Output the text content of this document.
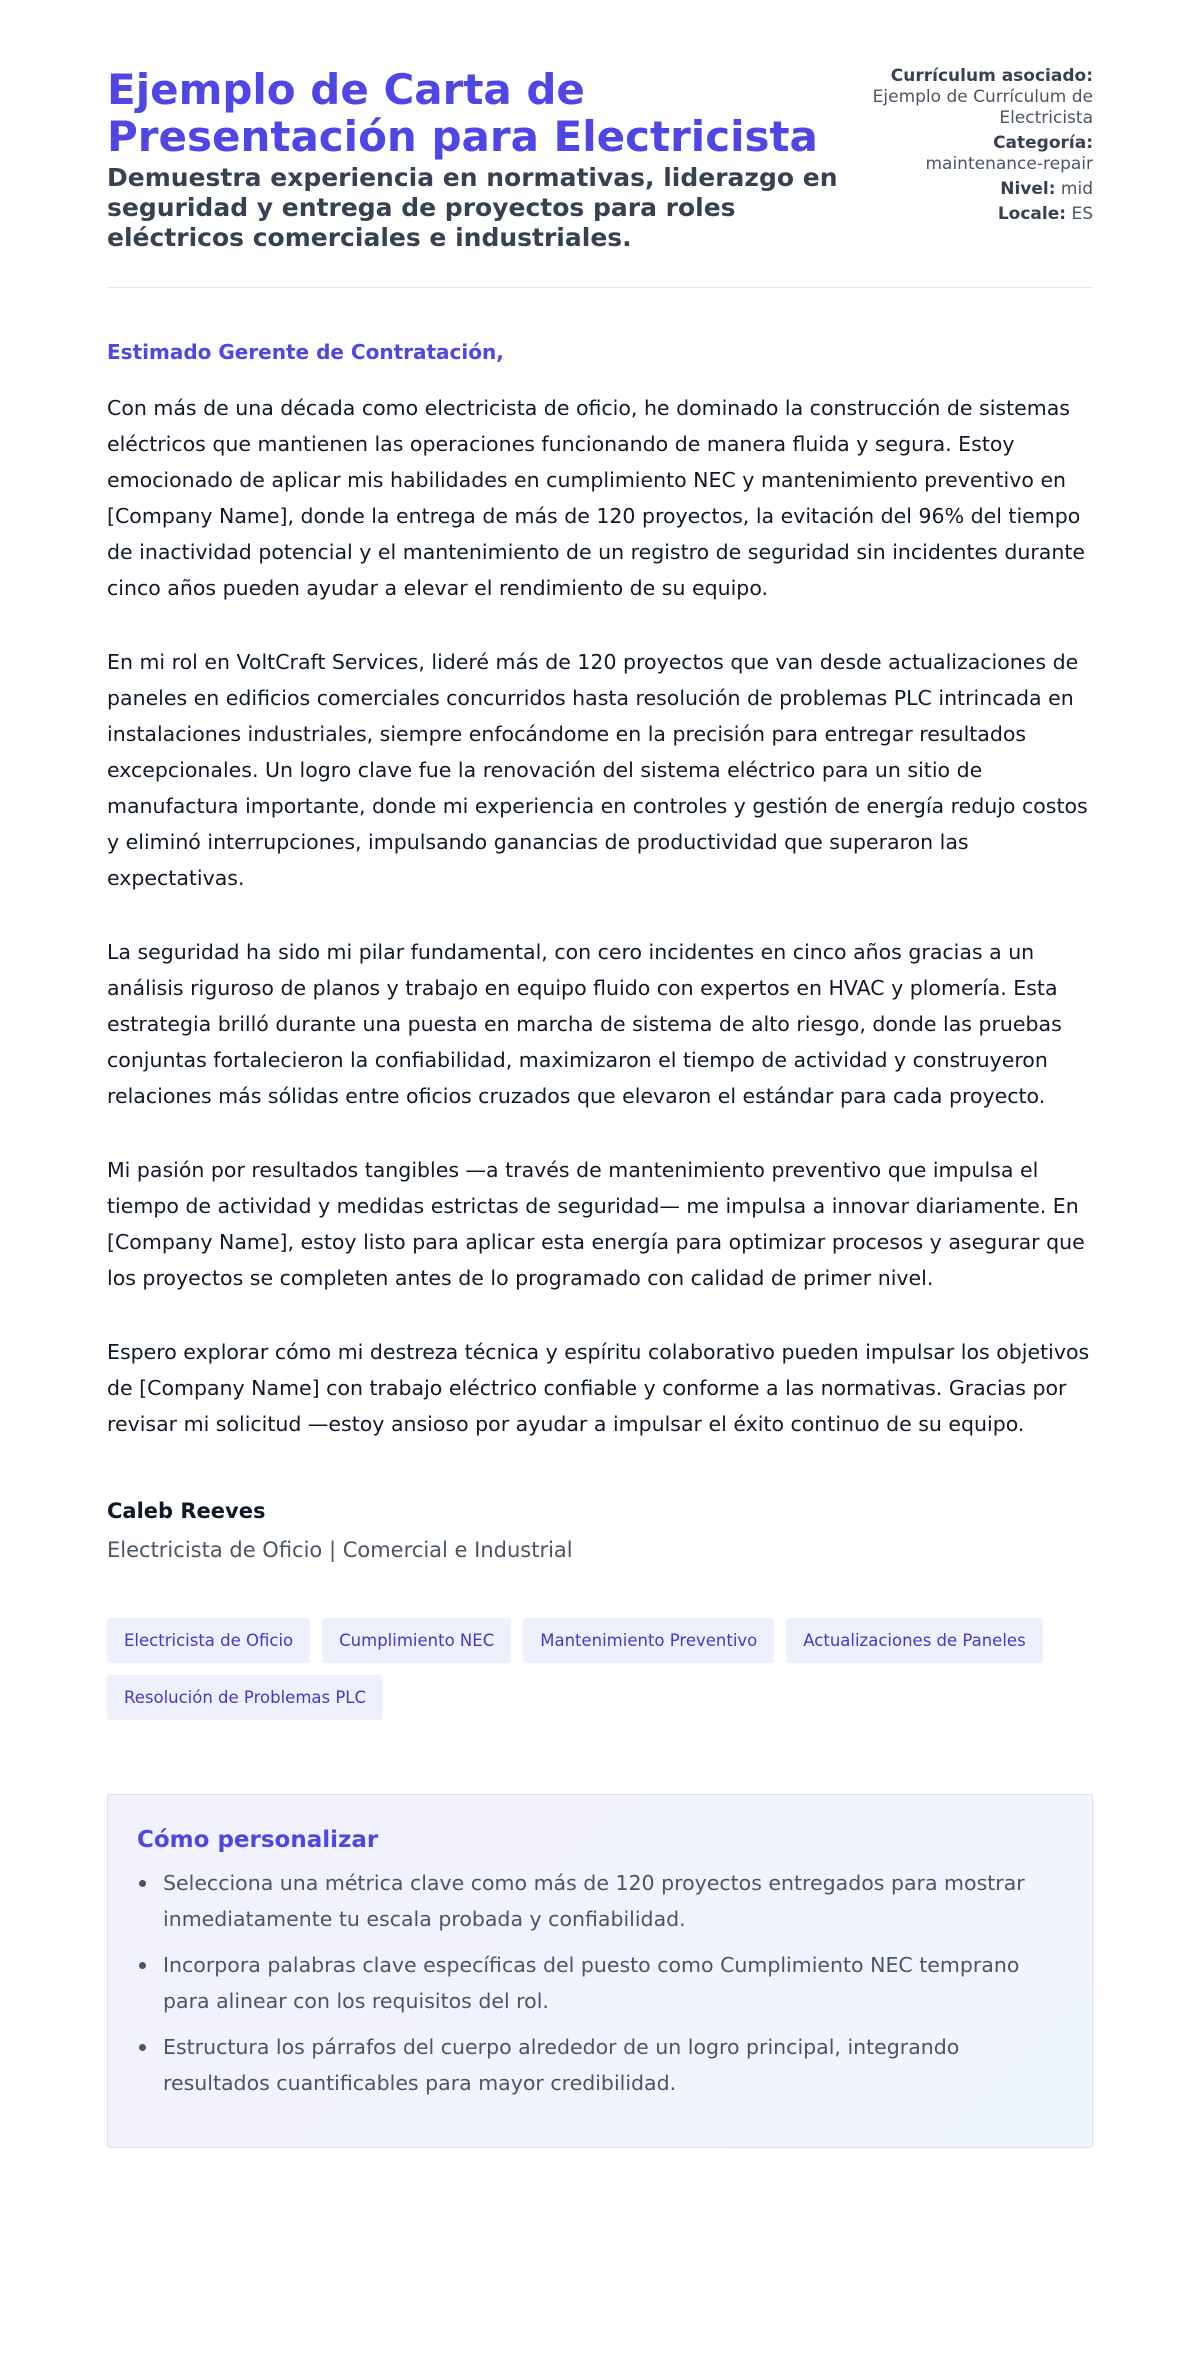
Ejemplo de Carta de Presentación para Electricista
Demuestra experiencia en normativas, liderazgo en seguridad y entrega de proyectos para roles eléctricos comerciales e industriales.
Currículum asociado:
Ejemplo de Currículum de Electricista
Categoría:
maintenance-repair
Nivel: mid
Locale: ES
Estimado Gerente de Contratación,

Con más de una década como electricista de oficio, he dominado la construcción de sistemas eléctricos que mantienen las operaciones funcionando de manera fluida y segura. Estoy emocionado de aplicar mis habilidades en cumplimiento NEC y mantenimiento preventivo en [Company Name], donde la entrega de más de 120 proyectos, la evitación del 96% del tiempo de inactividad potencial y el mantenimiento de un registro de seguridad sin incidentes durante cinco años pueden ayudar a elevar el rendimiento de su equipo.

En mi rol en VoltCraft Services, lideré más de 120 proyectos que van desde actualizaciones de paneles en edificios comerciales concurridos hasta resolución de problemas PLC intrincada en instalaciones industriales, siempre enfocándome en la precisión para entregar resultados excepcionales. Un logro clave fue la renovación del sistema eléctrico para un sitio de manufactura importante, donde mi experiencia en controles y gestión de energía redujo costos y eliminó interrupciones, impulsando ganancias de productividad que superaron las expectativas.

La seguridad ha sido mi pilar fundamental, con cero incidentes en cinco años gracias a un análisis riguroso de planos y trabajo en equipo fluido con expertos en HVAC y plomería. Esta estrategia brilló durante una puesta en marcha de sistema de alto riesgo, donde las pruebas conjuntas fortalecieron la confiabilidad, maximizaron el tiempo de actividad y construyeron relaciones más sólidas entre oficios cruzados que elevaron el estándar para cada proyecto.

Mi pasión por resultados tangibles —a través de mantenimiento preventivo que impulsa el tiempo de actividad y medidas estrictas de seguridad— me impulsa a innovar diariamente. En [Company Name], estoy listo para aplicar esta energía para optimizar procesos y asegurar que los proyectos se completen antes de lo programado con calidad de primer nivel.

Espero explorar cómo mi destreza técnica y espíritu colaborativo pueden impulsar los objetivos de [Company Name] con trabajo eléctrico confiable y conforme a las normativas. Gracias por revisar mi solicitud —estoy ansioso por ayudar a impulsar el éxito continuo de su equipo.

Caleb Reeves
Electricista de Oficio | Comercial e Industrial
Electricista de Oficio	Cumplimiento NEC	Mantenimiento Preventivo	Actualizaciones de Paneles
Resolución de Problemas PLC
Cómo personalizar
Selecciona una métrica clave como más de 120 proyectos entregados para mostrar inmediatamente tu escala probada y confiabilidad.
Incorpora palabras clave específicas del puesto como Cumplimiento NEC temprano para alinear con los requisitos del rol.
Estructura los párrafos del cuerpo alrededor de un logro principal, integrando resultados cuantificables para mayor credibilidad.
